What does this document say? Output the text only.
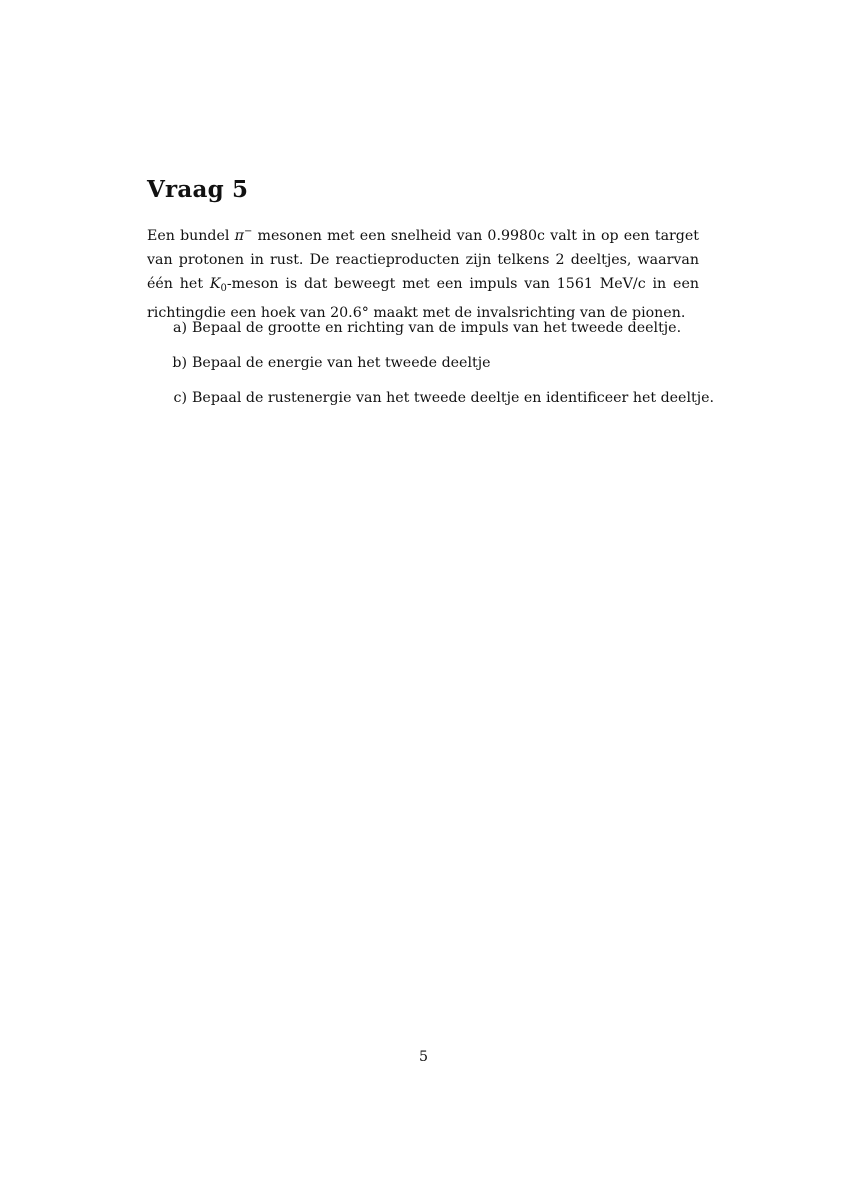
Vraag 5

Een bundel π− mesonen met een snelheid van 0.9980c valt in op een target
van protonen in rust. De reactieproducten zijn telkens 2 deeltjes, waarvan
één het $K_0$-meson is dat beweegt met een impuls van 1561 MeV/c in een
richtingdie een hoek van 20.6° maakt met de invalsrichting van de pionen.

a) Bepaal de grootte en richting van de impuls van het tweede deeltje.
b) Bepaal de energie van het tweede deeltje
c) Bepaal de rustenergie van het tweede deeltje en identificeer het deeltje.
5
